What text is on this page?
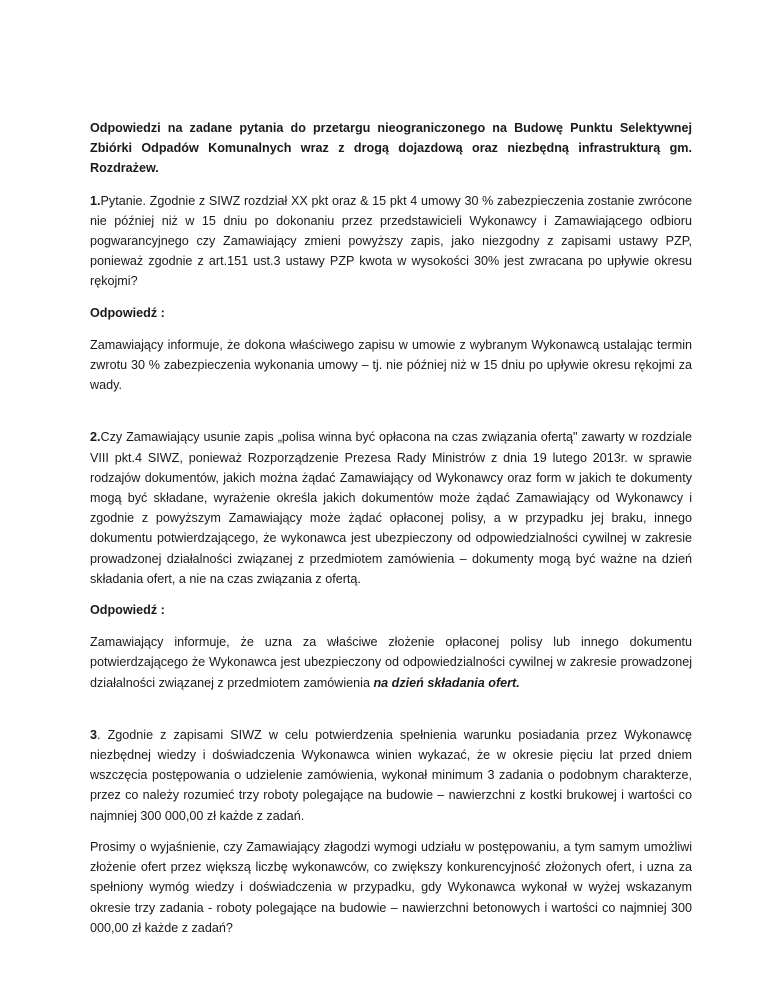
Odpowiedzi na zadane pytania do przetargu nieograniczonego na Budowę Punktu Selektywnej Zbiórki Odpadów Komunalnych wraz z drogą dojazdową oraz niezbędną infrastrukturą gm. Rozdrażew.

1.Pytanie. Zgodnie z SIWZ rozdział XX pkt oraz & 15 pkt 4 umowy 30 % zabezpieczenia zostanie zwrócone nie później niż w 15 dniu po dokonaniu przez przedstawicieli Wykonawcy i Zamawiającego odbioru pogwarancyjnego czy Zamawiający zmieni powyższy zapis, jako niezgodny z zapisami ustawy PZP, ponieważ zgodnie z art.151 ust.3 ustawy PZP kwota w wysokości 30% jest zwracana po upływie okresu rękojmi?

Odpowiedź :

Zamawiający informuje, że dokona właściwego zapisu w umowie z wybranym Wykonawcą ustalając termin zwrotu 30 % zabezpieczenia wykonania umowy – tj. nie później niż w 15 dniu po upływie okresu rękojmi za wady.

2.Czy Zamawiający usunie zapis „polisa winna być opłacona na czas związania ofertą" zawarty w rozdziale VIII pkt.4 SIWZ, ponieważ Rozporządzenie Prezesa Rady Ministrów z dnia 19 lutego 2013r. w sprawie rodzajów dokumentów, jakich można żądać Zamawiający od Wykonawcy oraz form w jakich te dokumenty mogą być składane, wyrażenie określa jakich dokumentów może żądać Zamawiający od Wykonawcy i zgodnie z powyższym Zamawiający może żądać opłaconej polisy, a w przypadku jej braku, innego dokumentu potwierdzającego, że wykonawca jest ubezpieczony od odpowiedzialności cywilnej w zakresie prowadzonej działalności związanej z przedmiotem zamówienia – dokumenty mogą być ważne na dzień składania ofert, a nie na czas związania z ofertą.

Odpowiedź :

Zamawiający informuje, że uzna za właściwe złożenie opłaconej polisy lub innego dokumentu potwierdzającego że Wykonawca jest ubezpieczony od odpowiedzialności cywilnej w zakresie prowadzonej działalności związanej z przedmiotem zamówienia na dzień składania ofert.

3. Zgodnie z zapisami SIWZ w celu potwierdzenia spełnienia warunku posiadania przez Wykonawcę niezbędnej wiedzy i doświadczenia Wykonawca winien wykazać, że w okresie pięciu lat przed dniem wszczęcia postępowania o udzielenie zamówienia, wykonał minimum 3 zadania o podobnym charakterze, przez co należy rozumieć trzy roboty polegające na budowie – nawierzchni z kostki brukowej i wartości co najmniej 300 000,00 zł każde z zadań.

Prosimy o wyjaśnienie, czy Zamawiający złagodzi wymogi udziału w postępowaniu, a tym samym umożliwi złożenie ofert przez większą liczbę wykonawców, co zwiększy konkurencyjność złożonych ofert, i uzna za spełniony wymóg wiedzy i doświadczenia w przypadku, gdy Wykonawca wykonał w wyżej wskazanym okresie trzy zadania - roboty polegające na budowie – nawierzchni betonowych i wartości co najmniej 300 000,00 zł każde z zadań?
